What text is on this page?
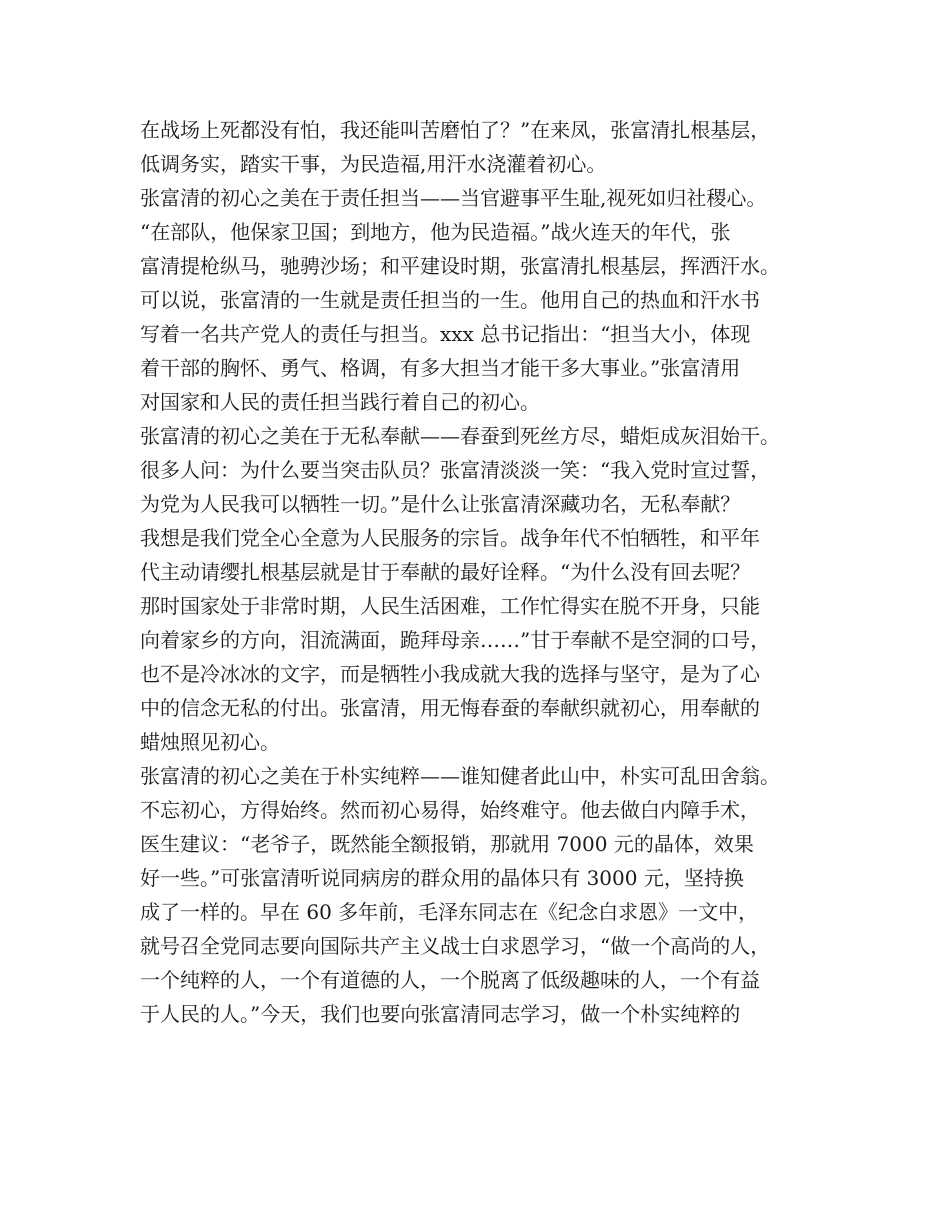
在战场上死都没有怕，我还能叫苦磨怕了？”在来凤，张富清扎根基层，
低调务实，踏实干事，为民造福,用汗水浇灌着初心。
张富清的初心之美在于责任担当——当官避事平生耻,视死如归社稷心。
“在部队，他保家卫国；到地方，他为民造福。”战火连天的年代，张
富清提枪纵马，驰骋沙场；和平建设时期，张富清扎根基层，挥洒汗水。
可以说，张富清的一生就是责任担当的一生。他用自己的热血和汗水书
写着一名共产党人的责任与担当。xxx 总书记指出：“担当大小，体现
着干部的胸怀、勇气、格调，有多大担当才能干多大事业。”张富清用
对国家和人民的责任担当践行着自己的初心。
张富清的初心之美在于无私奉献——春蚕到死丝方尽，蜡炬成灰泪始干。
很多人问：为什么要当突击队员？张富清淡淡一笑：“我入党时宣过誓，
为党为人民我可以牺牲一切。”是什么让张富清深藏功名，无私奉献？
我想是我们党全心全意为人民服务的宗旨。战争年代不怕牺牲，和平年
代主动请缨扎根基层就是甘于奉献的最好诠释。“为什么没有回去呢？
那时国家处于非常时期，人民生活困难，工作忙得实在脱不开身，只能
向着家乡的方向，泪流满面，跪拜母亲……”甘于奉献不是空洞的口号，
也不是冷冰冰的文字，而是牺牲小我成就大我的选择与坚守，是为了心
中的信念无私的付出。张富清，用无悔春蚕的奉献织就初心，用奉献的
蜡烛照见初心。
张富清的初心之美在于朴实纯粹——谁知健者此山中，朴实可乱田舍翁。
不忘初心，方得始终。然而初心易得，始终难守。他去做白内障手术，
医生建议：“老爷子，既然能全额报销，那就用 7000 元的晶体，效果
好一些。”可张富清听说同病房的群众用的晶体只有 3000 元，坚持换
成了一样的。早在 60 多年前，毛泽东同志在《纪念白求恩》一文中，
就号召全党同志要向国际共产主义战士白求恩学习，“做一个高尚的人，
一个纯粹的人，一个有道德的人，一个脱离了低级趣味的人，一个有益
于人民的人。”今天，我们也要向张富清同志学习，做一个朴实纯粹的
